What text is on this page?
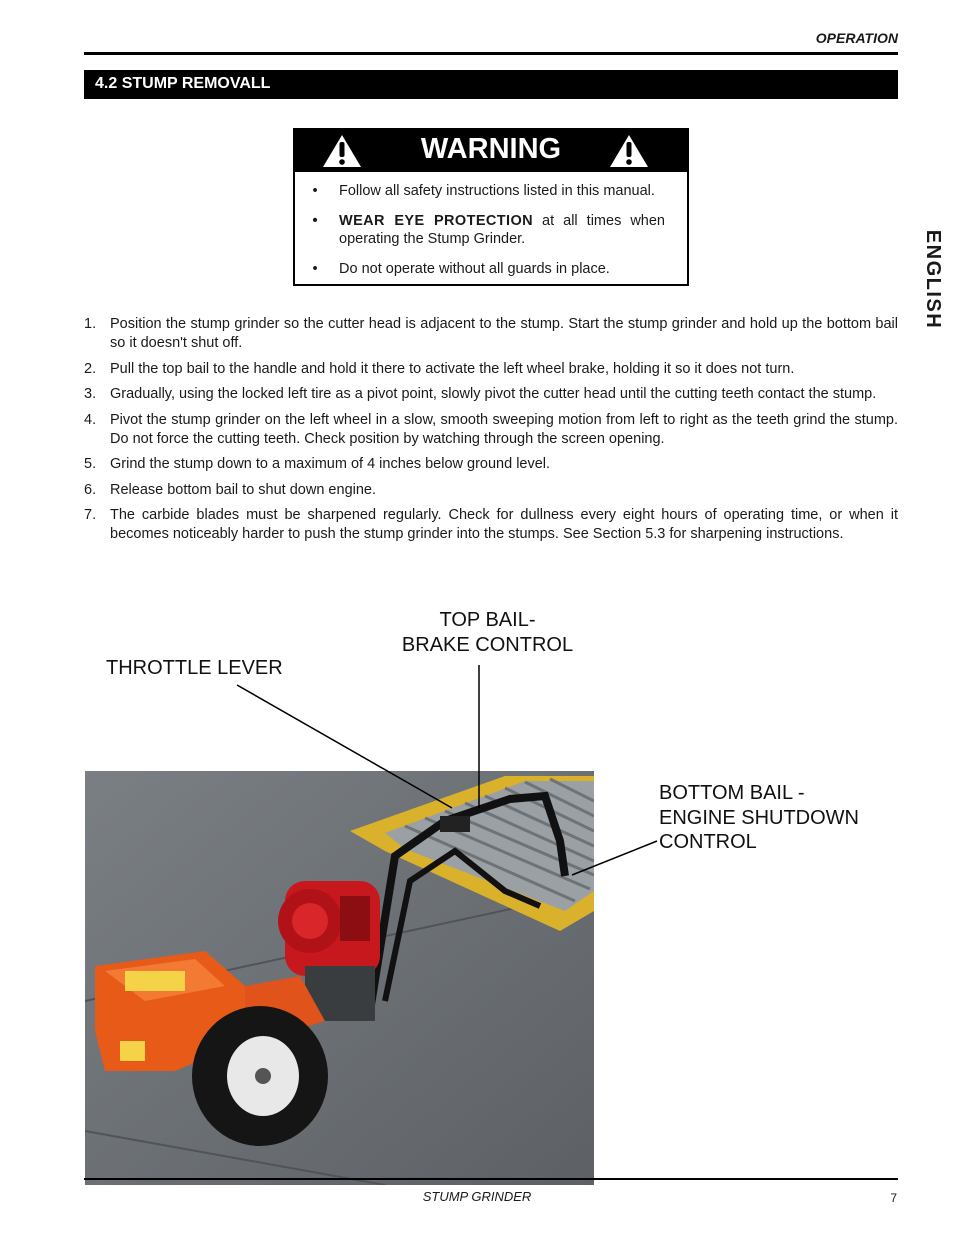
OPERATION
4.2 STUMP REMOVALL
WARNING
• Follow all safety instructions listed in this manual.
• WEAR EYE PROTECTION at all times when operating the Stump Grinder.
• Do not operate without all guards in place.
1. Position the stump grinder so the cutter head is adjacent to the stump. Start the stump grinder and hold up the bottom bail so it doesn't shut off.
2. Pull the top bail to the handle and hold it there to activate the left wheel brake, holding it so it does not turn.
3. Gradually, using the locked left tire as a pivot point, slowly pivot the cutter head until the cutting teeth contact the stump.
4. Pivot the stump grinder on the left wheel in a slow, smooth sweeping motion from left to right as the teeth grind the stump. Do not force the cutting teeth. Check position by watching through the screen opening.
5. Grind the stump down to a maximum of 4 inches below ground level.
6. Release bottom bail to shut down engine.
7. The carbide blades must be sharpened regularly. Check for dullness every eight hours of operating time, or when it becomes noticeably harder to push the stump grinder into the stumps. See Section 5.3 for sharpening instructions.
TOP BAIL-
BRAKE CONTROL
THROTTLE LEVER
BOTTOM BAIL -
ENGINE SHUTDOWN
CONTROL
ENGLISH
STUMP GRINDER	7
